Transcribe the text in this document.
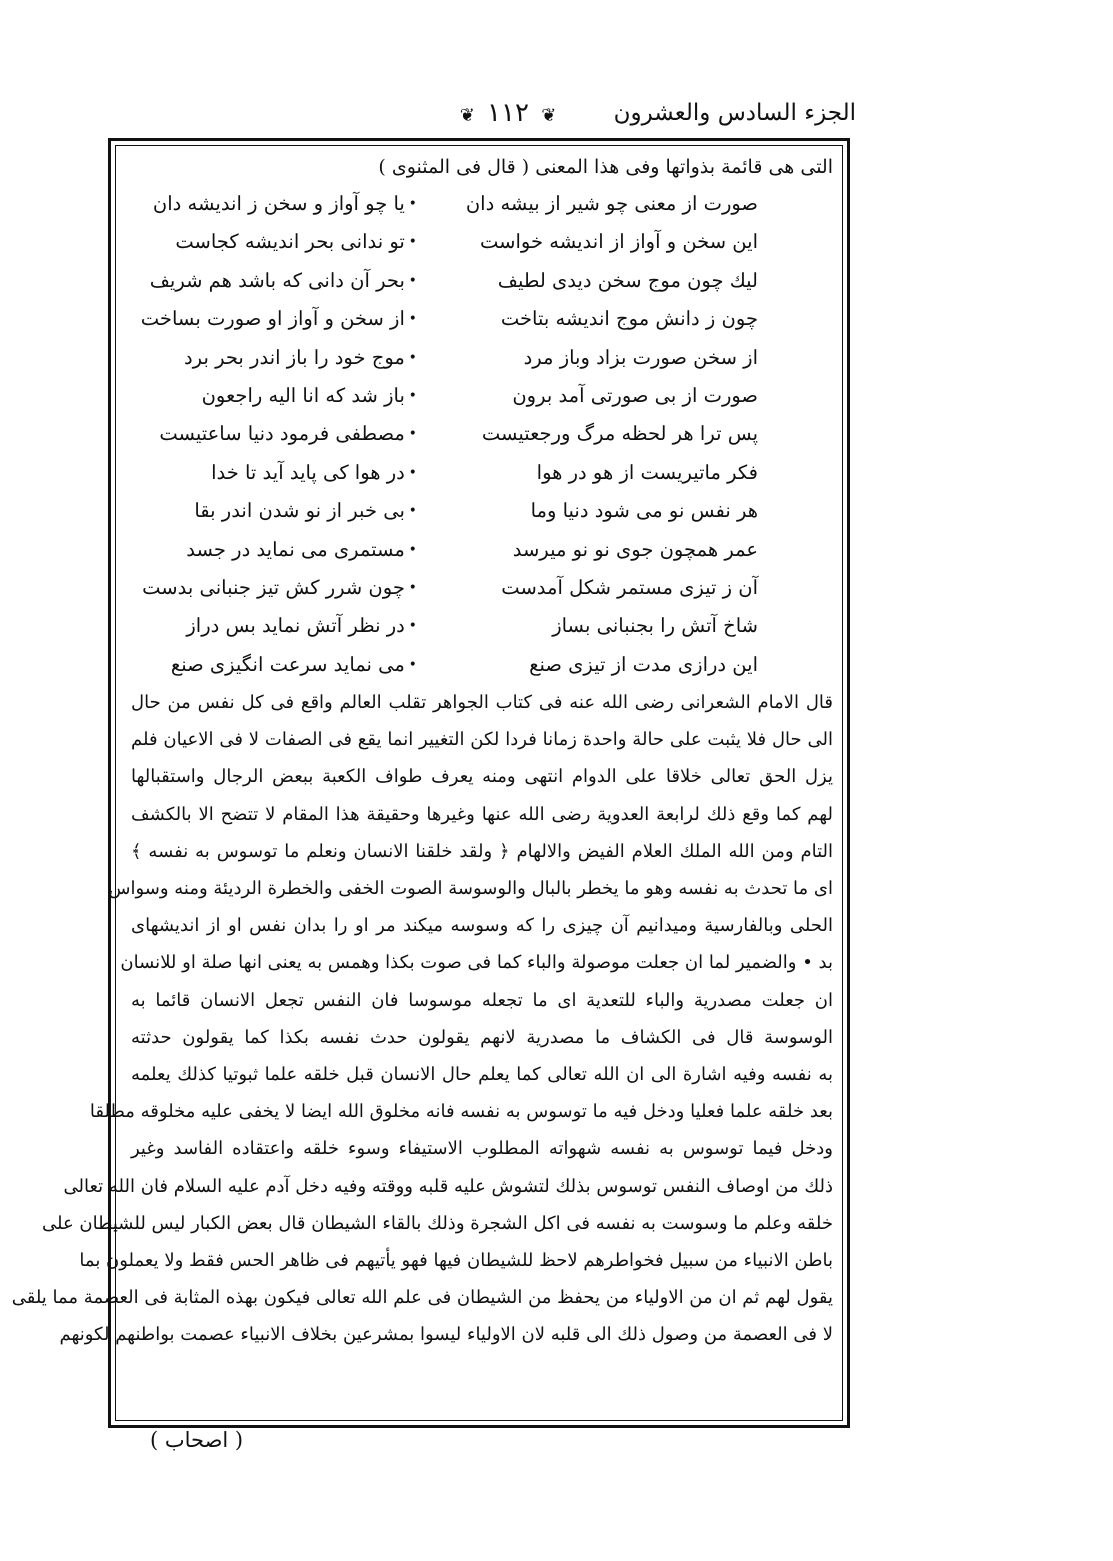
الجزء السادس والعشرون
❦ ١١٢ ❦
التى هى قائمة بذواتها وفى هذا المعنى ( قال فى المثنوى )
صورت از معنى چو شير از بيشه دان
•
يا چو آواز و سخن ز انديشه دان
اين سخن و آواز از انديشه خواست
•
تو ندانى بحر انديشه كجاست
ليك چون موج سخن ديدى لطيف
•
بحر آن دانى كه باشد هم شريف
چون ز دانش موج انديشه بتاخت
•
از سخن و آواز او صورت بساخت
از سخن صورت بزاد وباز مرد
•
موج خود را باز اندر بحر برد
صورت از بى صورتى آمد برون
•
باز شد كه انا اليه راجعون
پس ترا هر لحظه مرگ ورجعتيست
•
مصطفى فرمود دنيا ساعتيست
فكر ماتيريست از هو در هوا
•
در هوا كى پايد آيد تا خدا
هر نفس نو مى شود دنيا وما
•
بى خبر از نو شدن اندر بقا
عمر همچون جوى نو نو ميرسد
•
مستمرى مى نمايد در جسد
آن ز تيزى مستمر شكل آمدست
•
چون شرر كش تيز جنبانى بدست
شاخ آتش را بجنبانى بساز
•
در نظر آتش نمايد بس دراز
اين درازى مدت از تيزى صنع
•
مى نمايد سرعت انگيزى صنع
قال الامام الشعرانى رضى الله عنه فى كتاب الجواهر تقلب العالم واقع فى كل نفس من حال
الى حال فلا يثبت على حالة واحدة زمانا فردا لكن التغيير انما يقع فى الصفات لا فى الاعيان فلم
يزل الحق تعالى خلاقا على الدوام انتهى ومنه يعرف طواف الكعبة ببعض الرجال واستقبالها
لهم كما وقع ذلك لرابعة العدوية رضى الله عنها وغيرها وحقيقة هذا المقام لا تتضح الا بالكشف
التام ومن الله الملك العلام الفيض والالهام ﴿ ولقد خلقنا الانسان ونعلم ما توسوس به نفسه ﴾
اى ما تحدث به نفسه وهو ما يخطر بالبال والوسوسة الصوت الخفى والخطرة الرديئة ومنه وسواس
الحلى وبالفارسية وميدانيم آن چيزى را كه وسوسه ميكند مر او را بدان نفس او از انديشهاى
بد • والضمير لما ان جعلت موصولة والباء كما فى صوت بكذا وهمس به يعنى انها صلة او للانسان
ان جعلت مصدرية والباء للتعدية اى ما تجعله موسوسا فان النفس تجعل الانسان قائما به
الوسوسة قال فى الكشاف ما مصدرية لانهم يقولون حدث نفسه بكذا كما يقولون حدثته
به نفسه وفيه اشارة الى ان الله تعالى كما يعلم حال الانسان قبل خلقه علما ثبوتيا كذلك يعلمه
بعد خلقه علما فعليا ودخل فيه ما توسوس به نفسه فانه مخلوق الله ايضا لا يخفى عليه مخلوقه مطلقا
ودخل فيما توسوس به نفسه شهواته المطلوب الاستيفاء وسوء خلقه واعتقاده الفاسد وغير
ذلك من اوصاف النفس توسوس بذلك لتشوش عليه قلبه ووقته وفيه دخل آدم عليه السلام فان الله تعالى
خلقه وعلم ما وسوست به نفسه فى اكل الشجرة وذلك بالقاء الشيطان قال بعض الكبار ليس للشيطان على
باطن الانبياء من سبيل فخواطرهم لاحظ للشيطان فيها فهو يأتيهم فى ظاهر الحس فقط ولا يعملون بما
يقول لهم ثم ان من الاولياء من يحفظ من الشيطان فى علم الله تعالى فيكون بهذه المثابة فى العصمة مما يلقى
لا فى العصمة من وصول ذلك الى قلبه لان الاولياء ليسوا بمشرعين بخلاف الانبياء عصمت بواطنهم لكونهم
( اصحاب )
